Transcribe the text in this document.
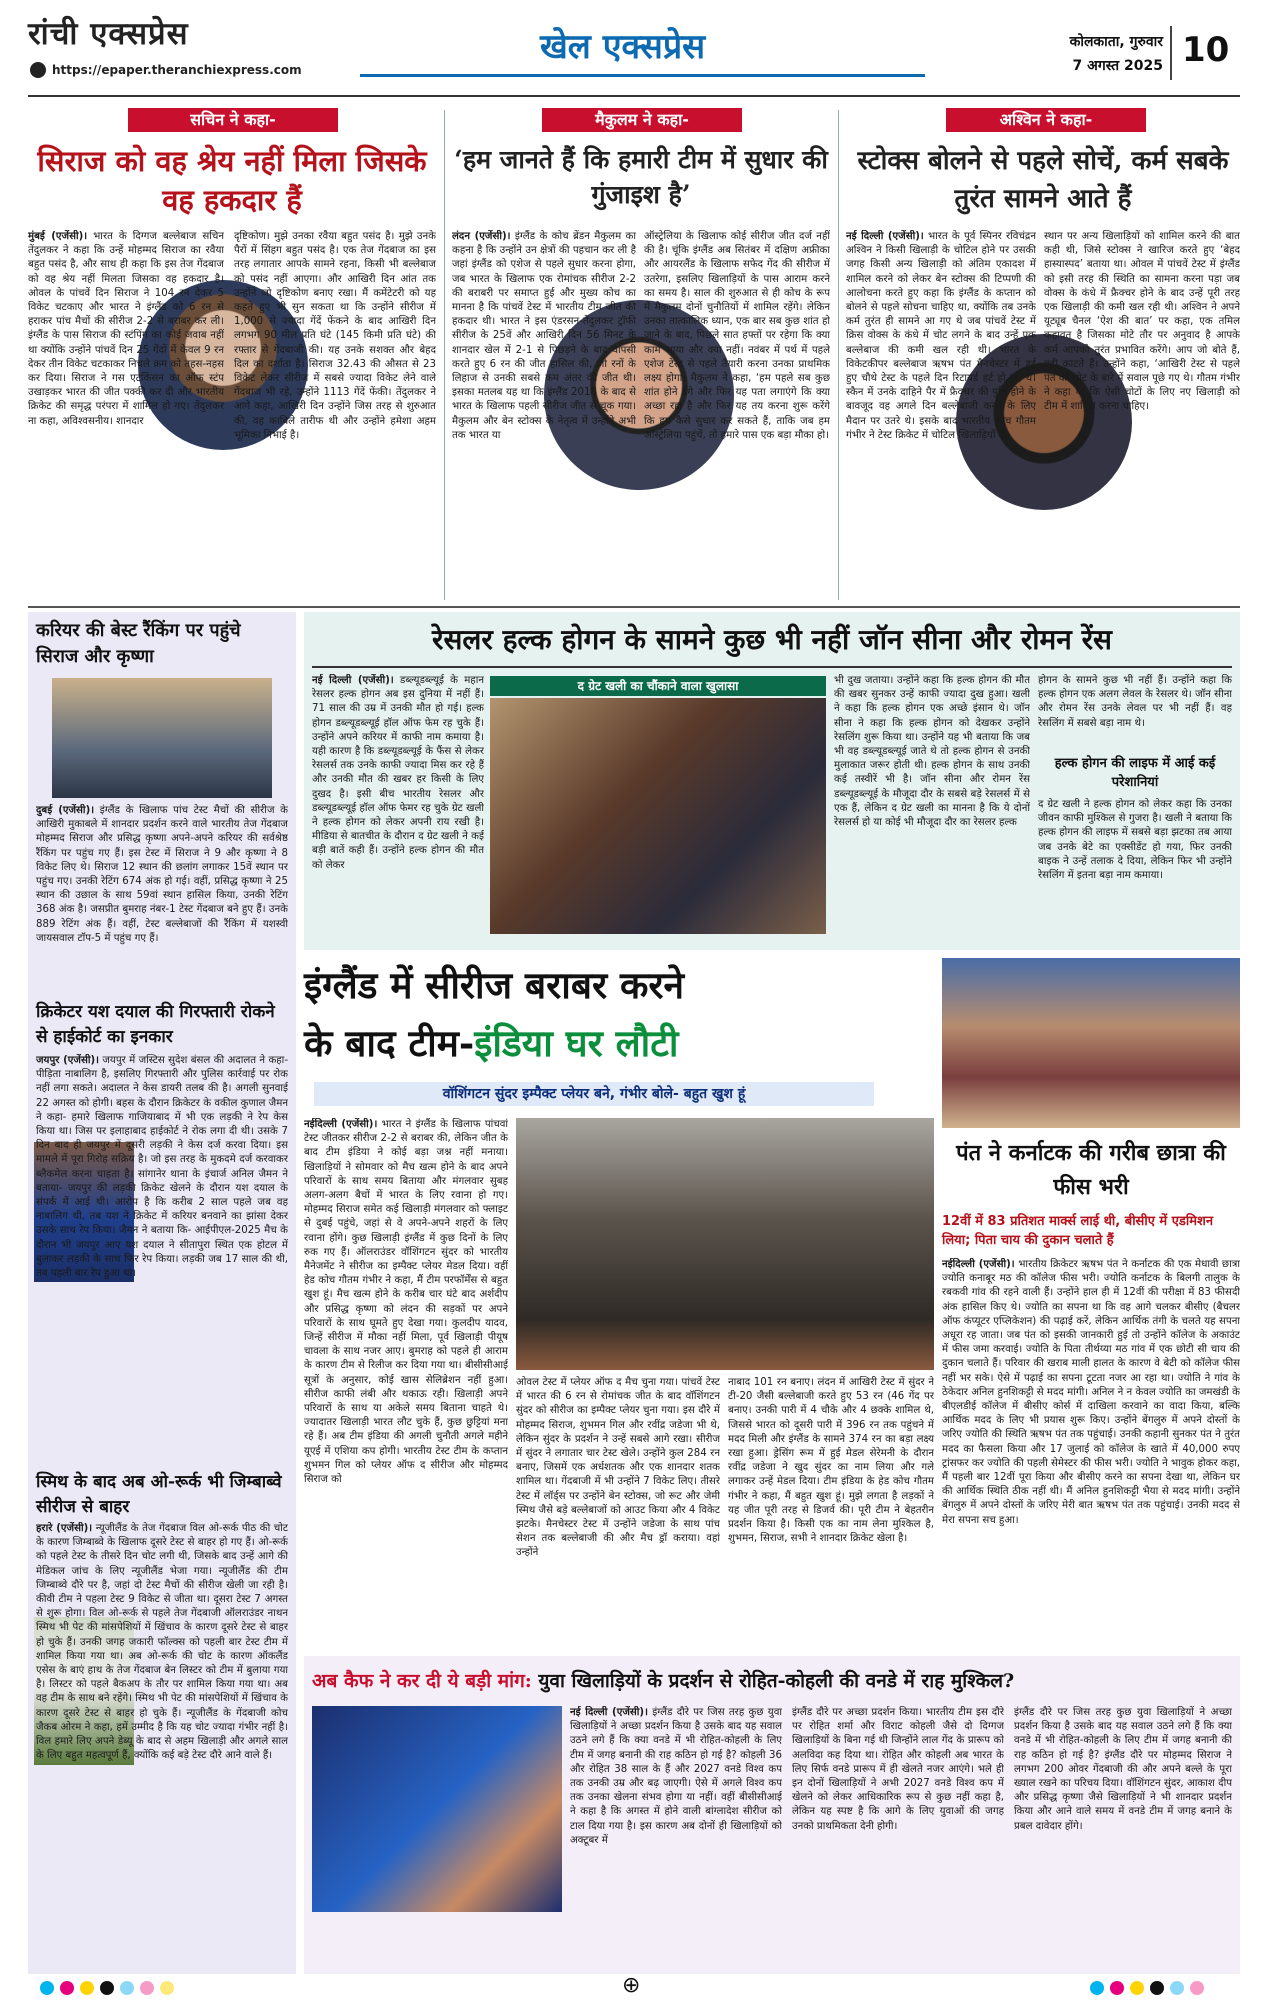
रांची एक्सप्रेस
https://epaper.theranchiexpress.com
खेल एक्सप्रेस	कोलकाता, गुरुवार
7 अगस्त 2025 10
सचिन ने कहा-
सिराज को वह श्रेय नहीं मिला जिसके वह हकदार हैं
मुंबई (एजेंसी)। भारत के दिग्गज बल्लेबाज सचिन तेंदुलकर ने कहा कि उन्हें मोहम्मद सिराज का रवैया बहुत पसंद है, और साथ ही कहा कि इस तेज गेंदबाज को वह श्रेय नहीं मिलता जिसका वह हकदार है। ओवल के पांचवें दिन सिराज ने 104 रन देकर 5 विकेट चटकाए और भारत ने इंग्लैंड को 6 रन से हराकर पांच मैचों की सीरीज 2-2 से बराबर कर ली। इंग्लैंड के पास सिराज की स्टंपिंग का कोई जवाब नहीं था क्योंकि उन्होंने पांचवें दिन 25 गेंदों में केवल 9 रन देकर तीन विकेट चटकाकर निचले क्रम को तहस-नहस कर दिया। सिराज ने गस एटकिंसन का ऑफ स्टंप उखाड़कर भारत की जीत पक्की कर दी और भारतीय क्रिकेट की समृद्ध परंपरा में शामिल हो गए। तेंदुलकर ना कहा, अविश्वसनीय। शानदार
दृष्टिकोण। मुझे उनका रवैया बहुत पसंद है। मुझे उनके पैरों में सिंहग बहुत पसंद है। एक तेज गेंदबाज का इस तरह लगातार आपके सामने रहना, किसी भी बल्लेबाज को पसंद नहीं आएगा। और आखिरी दिन आंत तक उन्होंने जो दृष्टिकोण बनाए रखा। मैं कमेंटेटरी को यह कहते हुए भी सुन सकता था कि उन्होंने सीरीज में 1,000 से ज्यादा गेंदें फेंकने के बाद आखिरी दिन लगभग 90 मील प्रति घंटे (145 किमी प्रति घंटे) की रफ्तार से गेंदबाजी की। यह उनके सशक्त और बेहद दिल का दर्शाता है। सिराज 32.43 की औसत से 23 विकेट लेकर सीरीज में सबसे ज्यादा विकेट लेने वाले गेंदबाज भी रहे, उन्होंने 1113 गेंदें फेंकी। तेंदुलकर ने आगे कहा, आखिरी दिन उन्होंने जिस तरह से शुरुआत की, वह काबिले तारीफ थी और उन्होंने हमेशा अहम भूमिका निभाई है।
मैकुलम ने कहा-
‘हम जानते हैं कि हमारी टीम में सुधार की गुंजाइश है’
लंदन (एजेंसी)। इंग्लैंड के कोच ब्रेंडन मैकुलम का कहना है कि उन्होंने उन क्षेत्रों की पहचान कर ली है जहां इंग्लैंड को एशेज से पहले सुधार करना होगा, जब भारत के खिलाफ एक रोमांचक सीरीज 2-2 की बराबरी पर समाप्त हुई और मुख्य कोच का मानना है कि पांचवें टेस्ट में भारतीय टीम जीत की हकदार थी। भारत ने इस एंडरसन-तेंदुलकर ट्रॉफी सीरीज के 25वें और आखिरी दिन 56 मिनट के शानदार खेल में 2-1 से पिछड़ने के बाद वापसी करते हुए 6 रन की जीत हासिल की, जो रनों के लिहाज से उनकी सबसे कम अंतर की जीत थी। इसका मतलब यह था कि इंग्लैंड 2018 के बाद से भारत के खिलाफ पहली सीरीज जीत से चूक गया। मैकुलम और बेन स्टोक्स के नेतृत्व में उन्होंने अभी तक भारत या
ऑस्ट्रेलिया के खिलाफ कोई सीरीज जीत दर्ज नहीं की है। चूंकि इंग्लैंड अब सितंबर में दक्षिण अफ्रीका और आयरलैंड के खिलाफ सफेद गेंद की सीरीज में उतरेगा, इसलिए खिलाड़ियों के पास आराम करने का समय है। साल की शुरुआत से ही कोच के रूप में मैकुलम दोनों चुनौतियों में शामिल रहेंगे। लेकिन उनका तात्कालिक ध्यान, एक बार सब कुछ शांत हो जाने के बाद, पिछले सात हफ्तों पर रहेगा कि क्या काम आया और क्या नहीं। नवंबर में पर्थ में पहले एशेज टेस्ट से पहले तैयारी करना उनका प्राथमिक लक्ष्य होगा। मैकुलम ने कहा, ‘हम पहले सब कुछ शांत होने देंगे और फिर यह पता लगाएंगे कि क्या अच्छा रहा है और फिर यह तय करना शुरू करेंगे कि हम कैसे सुधार कर सकते हैं, ताकि जब हम ऑस्ट्रेलिया पहुंचें, तो हमारे पास एक बड़ा मौका हो।
अश्विन ने कहा-
स्टोक्स बोलने से पहले सोचें, कर्म सबके तुरंत सामने आते हैं
नई दिल्ली (एजेंसी)। भारत के पूर्व स्पिनर रविचंद्रन अश्विन ने किसी खिलाड़ी के चोटिल होने पर उसकी जगह किसी अन्य खिलाड़ी को अंतिम एकादश में शामिल करने को लेकर बेन स्टोक्स की टिप्पणी की आलोचना करते हुए कहा कि इंग्लैंड के कप्तान को बोलने से पहले सोचना चाहिए था, क्योंकि तब उनके कर्म तुरंत ही सामने आ गए थे जब पांचवें टेस्ट में क्रिस वोक्स के कंधे में चोट लगने के बाद उन्हें एक बल्लेबाज की कमी खल रही थी। भारत के विकेटकीपर बल्लेबाज ऋषभ पंत मैनचेस्टर में हुई हुए चौथे टेस्ट के पहले दिन रिटायर्ड हर्ट हो गए थे। स्कैन में उनके दाहिने पैर में फ्रैक्चर की पुष्टि होने के बावजूद वह अगले दिन बल्लेबाजी करने के लिए मैदान पर उतरे थे। इसके बाद भारतीय कोच गौतम गंभीर ने टेस्ट क्रिकेट में चोटिल खिलाड़ियों के
स्थान पर अन्य खिलाड़ियों को शामिल करने की बात कही थी, जिसे स्टोक्स ने खारिज करते हुए ‘बेहद हास्यास्पद’ बताया था। ओवल में पांचवें टेस्ट में इंग्लैंड को इसी तरह की स्थिति का सामना करना पड़ा जब वोक्स के कंधे में फ्रैक्चर होने के बाद उन्हें पूरी तरह एक खिलाड़ी की कमी खल रही थी। अश्विन ने अपने यूट्यूब चैनल ‘ऐश की बात’ पर कहा, एक तमिल कहावत है जिसका मोटे तौर पर अनुवाद है आपके कर्म आपको तुरंत प्रभावित करेंगे। आप जो बोते हैं, वही काटते हैं। उन्होंने कहा, ‘आखिरी टेस्ट से पहले पंत की चोट के बारे में सवाल पूछे गए थे। गौतम गंभीर ने कहा था कि ऐसी चोटों के लिए नए खिलाड़ी को टीम में शामिल करना चाहिए।
करियर की बेस्ट रैंकिंग पर पहुंचे सिराज और कृष्णा
दुबई (एजेंसी)। इंग्लैंड के खिलाफ पांच टेस्ट मैचों की सीरीज के आखिरी मुकाबले में शानदार प्रदर्शन करने वाले भारतीय तेज गेंदबाज मोहम्मद सिराज और प्रसिद्ध कृष्णा अपने-अपने करियर की सर्वश्रेष्ठ रैंकिंग पर पहुंच गए हैं। इस टेस्ट में सिराज ने 9 और कृष्णा ने 8 विकेट लिए थे। सिराज 12 स्थान की छलांग लगाकर 15वें स्थान पर पहुंच गए। उनकी रेटिंग 674 अंक हो गई। वहीं, प्रसिद्ध कृष्णा ने 25 स्थान की उछाल के साथ 59वां स्थान हासिल किया, उनकी रेटिंग 368 अंक है। जसप्रीत बुमराह नंबर-1 टेस्ट गेंदबाज बने हुए हैं। उनके 889 रेटिंग अंक हैं। वहीं, टेस्ट बल्लेबाजों की रैंकिंग में यशस्वी जायसवाल टॉप-5 में पहुंच गए हैं।
क्रिकेटर यश दयाल की गिरफ्तारी रोकने से हाईकोर्ट का इनकार
जयपुर (एजेंसी)। जयपुर में जस्टिस सुदेश बंसल की अदालत ने कहा- पीड़िता नाबालिग है, इसलिए गिरफ्तारी और पुलिस कार्रवाई पर रोक नहीं लगा सकते। अदालत ने केस डायरी तलब की है। अगली सुनवाई 22 अगस्त को होगी। बहस के दौरान क्रिकेटर के वकील कुणाल जैमन ने कहा- हमारे खिलाफ गाजियाबाद में भी एक लड़की ने रेप केस किया था। जिस पर इलाहाबाद हाईकोर्ट ने रोक लगा दी थी। उसके 7 दिन बाद ही जयपुर में दूसरी लड़की ने केस दर्ज करवा दिया। इस मामले में पूरा गिरोह सक्रिय है। जो इस तरह के मुकदमे दर्ज करवाकर ब्लैकमेल करना चाहता है। सांगानेर थाना के इंचार्ज अनिल जैमन ने बताया- जयपुर की लड़की क्रिकेट खेलने के दौरान यश दयाल के संपर्क में आई थी। आरोप है कि करीब 2 साल पहले जब वह नाबालिग थी, तब यश ने क्रिकेट में करियर बनवाने का झांसा देकर उसके साथ रेप किया। जैमन ने बताया कि- आईपीएल-2025 मैच के दौरान भी जयपुर आए यश दयाल ने सीतापुरा स्थित एक होटल में बुलाकर लड़की के साथ फिर रेप किया। लड़की जब 17 साल की थी, तब पहली बार रेप हुआ था।
स्मिथ के बाद अब ओ-रूर्क भी जिम्बाब्वे सीरीज से बाहर
हरारे (एजेंसी)। न्यूजीलैंड के तेज गेंदबाज विल ओ-रूर्क पीठ की चोट के कारण जिम्बाब्वे के खिलाफ दूसरे टेस्ट से बाहर हो गए हैं। ओ-रूर्क को पहले टेस्ट के तीसरे दिन चोट लगी थी, जिसके बाद उन्हें आगे की मेडिकल जांच के लिए न्यूजीलैंड भेजा गया। न्यूजीलैंड की टीम जिम्बाब्वे दौरे पर है, जहां दो टेस्ट मैचों की सीरीज खेली जा रही है। कीवी टीम ने पहला टेस्ट 9 विकेट से जीता था। दूसरा टेस्ट 7 अगस्त से शुरू होगा। विल ओ-रूर्क से पहले तेज गेंदबाजी ऑलराउंडर नाथन स्मिथ भी पेट की मांसपेशियों में खिंचाव के कारण दूसरे टेस्ट से बाहर हो चुके हैं। उनकी जगह जकारी फॉल्क्स को पहली बार टेस्ट टीम में शामिल किया गया था। अब ओ-रूर्क की चोट के कारण ऑकलैंड एसेस के बाएं हाथ के तेज गेंदबाज बेन लिस्टर को टीम में बुलाया गया है। लिस्टर को पहले बैकअप के तौर पर शामिल किया गया था। अब वह टीम के साथ बने रहेंगे। स्मिथ भी पेट की मांसपेशियों में खिंचाव के कारण दूसरे टेस्ट से बाहर हो चुके हैं। न्यूजीलैंड के गेंदबाजी कोच जैकब ओरम ने कहा, हमें उम्मीद है कि यह चोट ज्यादा गंभीर नहीं है। विल हमारे लिए अपने डेब्यू के बाद से अहम खिलाड़ी और अगले साल के लिए बहुत महत्वपूर्ण हैं, क्योंकि कई बड़े टेस्ट दौरे आने वाले हैं।
रेसलर हल्क होगन के सामने कुछ भी नहीं जॉन सीना और रोमन रेंस
नई दिल्ली (एजेंसी)। डब्ल्यूडब्ल्यूई के महान रेसलर हल्क होगन अब इस दुनिया में नहीं हैं। 71 साल की उम्र में उनकी मौत हो गई। हल्क होगन डब्ल्यूडब्ल्यूई हॉल ऑफ फेम रह चुके हैं। उन्होंने अपने करियर में काफी नाम कमाया है। यही कारण है कि डब्ल्यूडब्ल्यूई के फैंस से लेकर रेसलर्स तक उनके काफी ज्यादा मिस कर रहे हैं और उनकी मौत की खबर हर किसी के लिए दुखद है। इसी बीच भारतीय रेसलर और डब्ल्यूडब्ल्यूई हॉल ऑफ फेमर रह चुके ग्रेट खली ने हल्क होगन को लेकर अपनी राय रखी है। मीडिया से बातचीत के दौरान द ग्रेट खली ने कई बड़ी बातें कही हैं। उन्होंने हल्क होगन की मौत को लेकर
द ग्रेट खली का चौंकाने वाला खुलासा	भी दुख जताया। उन्होंने कहा कि हल्क होगन की मौत की खबर सुनकर उन्हें काफी ज्यादा दुख हुआ। खली ने कहा कि हल्क होगन एक अच्छे इंसान थे। जॉन सीना ने कहा कि हल्क होगन को देखकर उन्होंने रेसलिंग शुरू किया था। उन्होंने यह भी बताया कि जब भी वह डब्ल्यूडब्ल्यूई जाते थे तो हल्क होगन से उनकी मुलाकात जरूर होती थी। हल्क होगन के साथ उनकी कई तस्वीरें भी है। जॉन सीना और रोमन रेंस डब्ल्यूडब्ल्यूई के मौजूदा दौर के सबसे बड़े रेसलर्स में से एक हैं, लेकिन द ग्रेट खली का मानना है कि ये दोनों रेसलर्स हो या कोई भी मौजूदा दौर का रेसलर हल्क
होगन के सामने कुछ भी नहीं हैं। उन्होंने कहा कि हल्क होगन एक अलग लेवल के रेसलर थे। जॉन सीना और रोमन रेंस उनके लेवल पर भी नहीं हैं। वह रेसलिंग में सबसे बड़ा नाम थे।
हल्क होगन की लाइफ में आई कई परेशानियां
द ग्रेट खली ने हल्क होगन को लेकर कहा कि उनका जीवन काफी मुश्किल से गुजरा है। खली ने बताया कि हल्क होगन की लाइफ में सबसे बड़ा झटका तब आया जब उनके बेटे का एक्सीडेंट हो गया, फिर उनकी बाइक ने उन्हें तलाक दे दिया, लेकिन फिर भी उन्होंने रेसलिंग में इतना बड़ा नाम कमाया।
इंग्लैंड में सीरीज बराबर करने
के बाद टीम-इंडिया घर लौटी
वॉशिंगटन सुंदर इम्पैक्ट प्लेयर बने, गंभीर बोले- बहुत खुश हूं
नईदिल्ली (एजेंसी)। भारत ने इंग्लैंड के खिलाफ पांचवां टेस्ट जीतकर सीरीज 2-2 से बराबर की, लेकिन जीत के बाद टीम इंडिया ने कोई बड़ा जश्न नहीं मनाया। खिलाड़ियों ने सोमवार को मैच खत्म होने के बाद अपने परिवारों के साथ समय बिताया और मंगलवार सुबह अलग-अलग बैचों में भारत के लिए रवाना हो गए। मोहम्मद सिराज समेत कई खिलाड़ी मंगलवार को फ्लाइट से दुबई पहुंचे, जहां से वे अपने-अपने शहरों के लिए रवाना होंगे। कुछ खिलाड़ी इंग्लैंड में कुछ दिनों के लिए रुक गए हैं। ऑलराउंडर वॉशिंगटन सुंदर को भारतीय मैनेजमेंट ने सीरीज का इम्पैक्ट प्लेयर मेडल दिया। वहीं हेड कोच गौतम गंभीर ने कहा, मैं टीम परफॉर्मेंस से बहुत खुश हूं। मैच खत्म होने के करीब चार घंटे बाद अर्शदीप और प्रसिद्ध कृष्णा को लंदन की सड़कों पर अपने परिवारों के साथ घूमते हुए देखा गया। कुलदीप यादव, जिन्हें सीरीज में मौका नहीं मिला, पूर्व खिलाड़ी पीयूष चावला के साथ नजर आए। बुमराह को पहले ही आराम के कारण टीम से रिलीज कर दिया गया था। बीसीसीआई सूत्रों के अनुसार, कोई खास सेलिब्रेशन नहीं हुआ। सीरीज काफी लंबी और थकाऊ रही। खिलाड़ी अपने परिवारों के साथ या अकेले समय बिताना चाहते थे। ज्यादातर खिलाड़ी भारत लौट चुके हैं, कुछ छुट्टियां मना रहे हैं। अब टीम इंडिया की अगली चुनौती अगले महीने यूएई में एशिया कप होगी। भारतीय टेस्ट टीम के कप्तान शुभमन गिल को प्लेयर ऑफ द सीरीज और मोहम्मद सिराज को
ओवल टेस्ट में प्लेयर ऑफ द मैच चुना गया। पांचवें टेस्ट में भारत की 6 रन से रोमांचक जीत के बाद वॉशिंगटन सुंदर को सीरीज का इम्पैक्ट प्लेयर चुना गया। इस दौरे में मोहम्मद सिराज, शुभमन गिल और रवींद्र जडेजा भी थे, लेकिन सुंदर के प्रदर्शन ने उन्हें सबसे आगे रखा। सीरीज में सुंदर ने लगातार चार टेस्ट खेले। उन्होंने कुल 284 रन बनाए, जिसमें एक अर्धशतक और एक शानदार शतक शामिल था। गेंदबाजी में भी उन्होंने 7 विकेट लिए। तीसरे टेस्ट में लॉर्ड्स पर उन्होंने बेन स्टोक्स, जो रूट और जेमी स्मिथ जैसे बड़े बल्लेबाजों को आउट किया और 4 विकेट झटके। मैनचेस्टर टेस्ट में उन्होंने जडेजा के साथ पांच सेशन तक बल्लेबाजी की और मैच ड्रॉ कराया। वहां उन्होंने
नाबाद 101 रन बनाए। लंदन में आखिरी टेस्ट में सुंदर ने टी-20 जैसी बल्लेबाजी करते हुए 53 रन (46 गेंद पर बनाए। उनकी पारी में 4 चौके और 4 छक्के शामिल थे, जिससे भारत को दूसरी पारी में 396 रन तक पहुंचने में मदद मिली और इंग्लैंड के सामने 374 रन का बड़ा लक्ष्य रखा हुआ। ड्रेसिंग रूम में हुई मेडल सेरेमनी के दौरान रवींद्र जडेजा ने खुद सुंदर का नाम लिया और गले लगाकर उन्हें मेडल दिया। टीम इंडिया के हेड कोच गौतम गंभीर ने कहा, मैं बहुत खुश हूं। मुझे लगता है लड़कों ने यह जीत पूरी तरह से डिजर्व की। पूरी टीम ने बेहतरीन प्रदर्शन किया है। किसी एक का नाम लेना मुश्किल है, शुभमन, सिराज, सभी ने शानदार क्रिकेट खेला है।
पंत ने कर्नाटक की गरीब छात्रा की फीस भरी
12वीं में 83 प्रतिशत मार्क्स लाई थी, बीसीए में एडमिशन लिया; पिता चाय की दुकान चलाते हैं
नईदिल्ली (एजेंसी)। भारतीय क्रिकेटर ऋषभ पंत ने कर्नाटक की एक मेधावी छात्रा ज्योति कनाबूर मठ की कॉलेज फीस भरी। ज्योति कर्नाटक के बिलगी तालुक के रबकवी गांव की रहने वाली हैं। उन्होंने हाल ही में 12वीं की परीक्षा में 83 फीसदी अंक हासिल किए थे। ज्योति का सपना था कि वह आगे चलकर बीसीए (बैचलर ऑफ कंप्यूटर एप्लिकेशन) की पढ़ाई करें, लेकिन आर्थिक तंगी के चलते यह सपना अधूरा रह जाता। जब पंत को इसकी जानकारी हुई तो उन्होंने कॉलेज के अकाउंट में फीस जमा करवाई। ज्योति के पिता तीर्थय्या मठ गांव में एक छोटी सी चाय की दुकान चलाते हैं। परिवार की खराब माली हालत के कारण वे बेटी को कॉलेज फीस नहीं भर सके। ऐसे में पढ़ाई का सपना टूटता नजर आ रहा था। ज्योति ने गांव के ठेकेदार अनिल हुनशिकट्टी से मदद मांगी। अनिल ने न केवल ज्योति का जमखंडी के बीएलडीई कॉलेज में बीसीए कोर्स में दाखिला करवाने का वादा किया, बल्कि आर्थिक मदद के लिए भी प्रयास शुरू किए। उन्होंने बेंगलुरु में अपने दोस्तों के जरिए ज्योति की स्थिति ऋषभ पंत तक पहुंचाई। उनकी कहानी सुनकर पंत ने तुरंत मदद का फैसला किया और 17 जुलाई को कॉलेज के खाते में 40,000 रुपए ट्रांसफर कर ज्योति की पहली सेमेस्टर की फीस भरी। ज्योति ने भावुक होकर कहा, मैं पहली बार 12वीं पूरा किया और बीसीए करने का सपना देखा था, लेकिन घर की आर्थिक स्थिति ठीक नहीं थी। मैं अनिल हुनशिकट्टी भैया से मदद मांगी। उन्होंने बेंगलुरु में अपने दोस्तों के जरिए मेरी बात ऋषभ पंत तक पहुंचाई। उनकी मदद से मेरा सपना सच हुआ।
अब कैफ ने कर दी ये बड़ी मांग: युवा खिलाड़ियों के प्रदर्शन से रोहित-कोहली की वनडे में राह मुश्किल?
नई दिल्ली (एजेंसी)। इंग्लैंड दौरे पर जिस तरह कुछ युवा खिलाड़ियों ने अच्छा प्रदर्शन किया है उसके बाद यह सवाल उठने लगे हैं कि क्या वनडे में भी रोहित-कोहली के लिए टीम में जगह बनानी की राह कठिन हो गई है? कोहली 36 और रोहित 38 साल के हैं और 2027 वनडे विश्व कप तक उनकी उम्र और बढ़ जाएगी। ऐसे में अगले विश्व कप तक उनका खेलना संभव होगा या नहीं। वहीं बीसीसीआई ने कहा है कि अगस्त में होने वाली बांग्लादेश सीरीज को टाल दिया गया है। इस कारण अब दोनों ही खिलाड़ियों को अक्टूबर में
इंग्लैंड दौरे पर अच्छा प्रदर्शन किया। भारतीय टीम इस दौरे पर रोहित शर्मा और विराट कोहली जैसे दो दिग्गज खिलाड़ियों के बिना गई थी जिन्होंने लाल गेंद के प्रारूप को अलविदा कह दिया था। रोहित और कोहली अब भारत के लिए सिर्फ वनडे प्रारूप में ही खेलते नजर आएंगे। भले ही इन दोनों खिलाड़ियों ने अभी 2027 वनडे विश्व कप में खेलने को लेकर आधिकारिक रूप से कुछ नहीं कहा है, लेकिन यह स्पष्ट है कि आगे के लिए युवाओं की जगह उनको प्राथमिकता देनी होगी।
इंग्लैंड दौरे पर जिस तरह कुछ युवा खिलाड़ियों ने अच्छा प्रदर्शन किया है उसके बाद यह सवाल उठने लगे हैं कि क्या वनडे में भी रोहित-कोहली के लिए टीम में जगह बनानी की राह कठिन हो गई है? इंग्लैंड दौरे पर मोहम्मद सिराज ने लगभग 200 ओवर गेंदबाजी की और अपने बल्ले के पूरा ख्याल रखने का परिचय दिया। वॉशिंगटन सुंदर, आकाश दीप और प्रसिद्ध कृष्णा जैसे खिलाड़ियों ने भी शानदार प्रदर्शन किया और आने वाले समय में वनडे टीम में जगह बनाने के प्रबल दावेदार होंगे।
⊕
